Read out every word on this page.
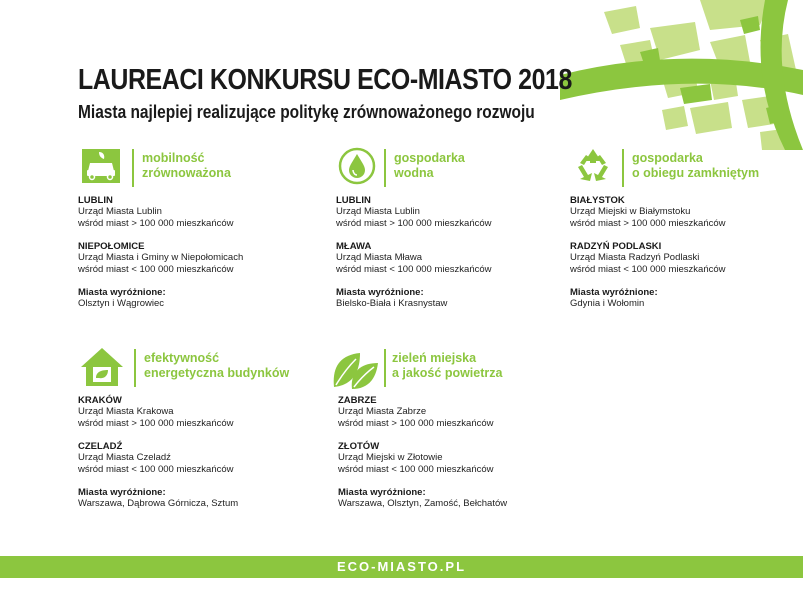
LAUREACI KONKURSU ECO-MIASTO 2018
Miasta najlepiej realizujące politykę zrównoważonego rozwoju
mobilność
zrównoważona
LUBLIN
Urząd Miasta Lublin
wśród miast > 100 000 mieszkańców
NIEPOŁOMICE
Urząd Miasta i Gminy w Niepołomicach
wśród miast < 100 000 mieszkańców
Miasta wyróżnione:
Olsztyn i Wągrowiec
gospodarka
wodna
LUBLIN
Urząd Miasta Lublin
wśród miast > 100 000 mieszkańców
MŁAWA
Urząd Miasta Mława
wśród miast < 100 000 mieszkańców
Miasta wyróżnione:
Bielsko-Biała i Krasnystaw
gospodarka
o obiegu zamkniętym
BIAŁYSTOK
Urząd Miejski w Białymstoku
wśród miast > 100 000 mieszkańców
RADZYŃ PODLASKI
Urząd Miasta Radzyń Podlaski
wśród miast < 100 000 mieszkańców
Miasta wyróżnione:
Gdynia i Wołomin
efektywność
energetyczna budynków
KRAKÓW
Urząd Miasta Krakowa
wśród miast > 100 000 mieszkańców
CZELADŹ
Urząd Miasta Czeladź
wśród miast < 100 000 mieszkańców
Miasta wyróżnione:
Warszawa, Dąbrowa Górnicza, Sztum
zieleń miejska
a jakość powietrza
ZABRZE
Urząd Miasta Zabrze
wśród miast > 100 000 mieszkańców
ZŁOTÓW
Urząd Miejski w Złotowie
wśród miast < 100 000 mieszkańców
Miasta wyróżnione:
Warszawa, Olsztyn, Zamość, Bełchatów
ECO-MIASTO.PL
